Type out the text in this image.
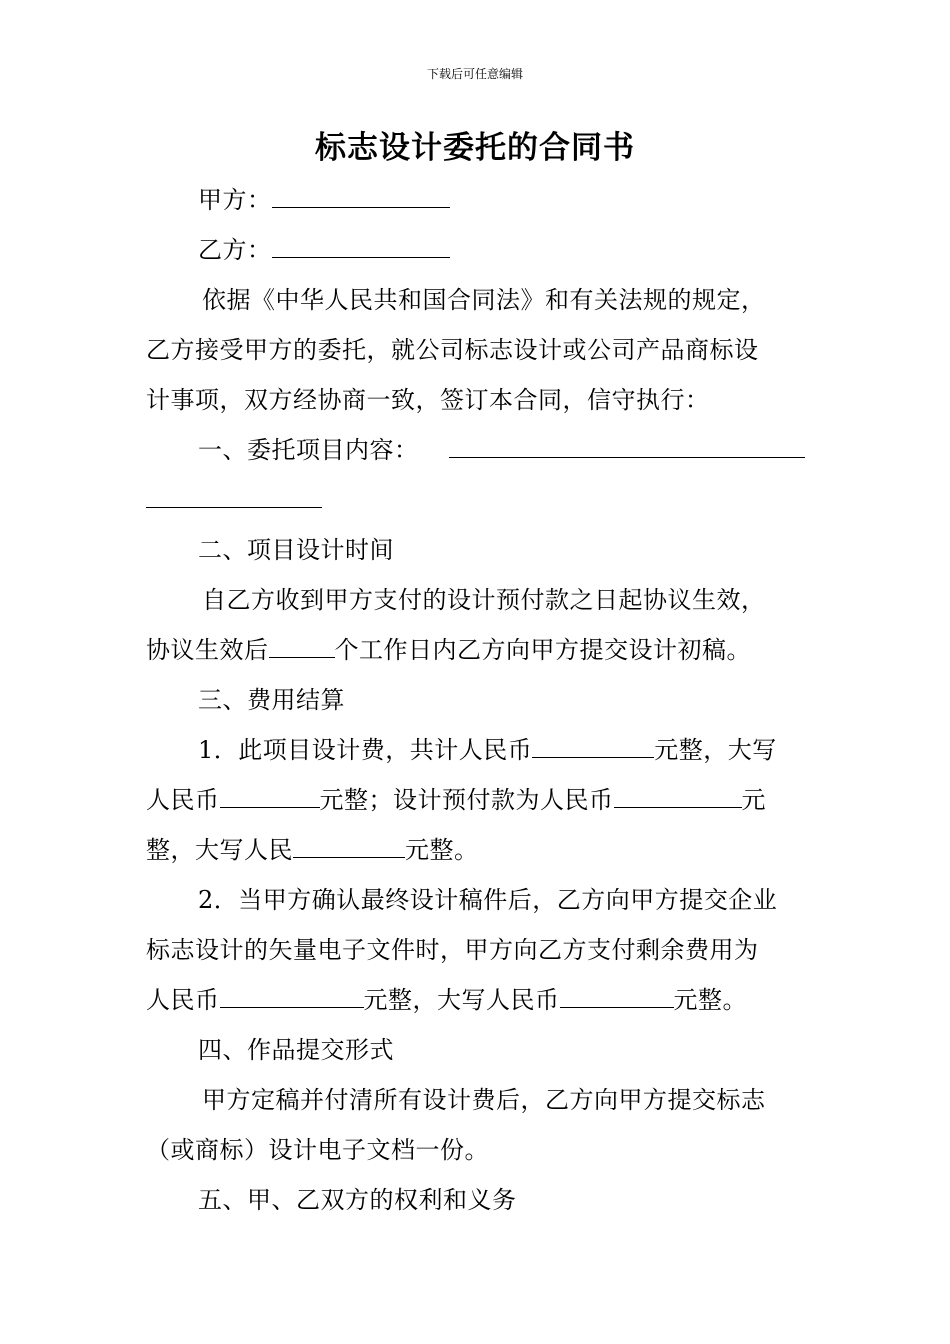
下载后可任意编辑
标志设计委托的合同书
甲方：
乙方：
依据《中华人民共和国合同法》和有关法规的规定，
乙方接受甲方的委托，就公司标志设计或公司产品商标设
计事项，双方经协商一致，签订本合同，信守执行：
一、委托项目内容：
二、项目设计时间
自乙方收到甲方支付的设计预付款之日起协议生效，
协议生效后	个工作日内乙方向甲方提交设计初稿。
三、费用结算
1．此项目设计费，共计人民币	元整，大写
人民币	元整；设计预付款为人民币	元
整，大写人民	元整。
2．当甲方确认最终设计稿件后，乙方向甲方提交企业
标志设计的矢量电子文件时，甲方向乙方支付剩余费用为
人民币	元整，大写人民币	元整。
四、作品提交形式
甲方定稿并付清所有设计费后，乙方向甲方提交标志
（或商标）设计电子文档一份。
五、甲、乙双方的权利和义务
